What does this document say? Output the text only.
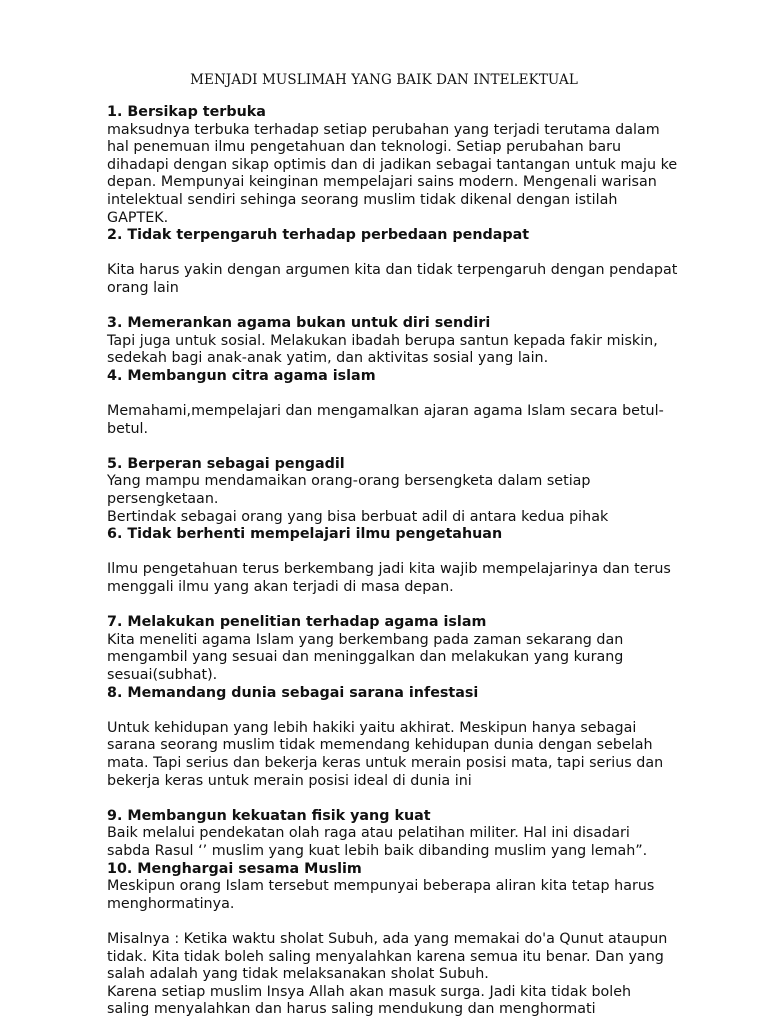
MENJADI MUSLIMAH YANG BAIK DAN INTELEKTUAL
1. Bersikap terbuka
maksudnya terbuka terhadap setiap perubahan yang terjadi terutama dalam
hal penemuan ilmu pengetahuan dan teknologi. Setiap perubahan baru
dihadapi dengan sikap optimis dan di jadikan sebagai tantangan untuk maju ke
depan. Mempunyai keinginan mempelajari sains modern. Mengenali warisan
intelektual sendiri sehinga seorang muslim tidak dikenal dengan istilah
GAPTEK.
2. Tidak terpengaruh terhadap perbedaan pendapat
Kita harus yakin dengan argumen kita dan tidak terpengaruh dengan pendapat
orang lain
3. Memerankan agama bukan untuk diri sendiri
Tapi juga untuk sosial. Melakukan ibadah berupa santun kepada fakir miskin,
sedekah bagi anak-anak yatim, dan aktivitas sosial yang lain.
4. Membangun citra agama islam
Memahami,mempelajari dan mengamalkan ajaran agama Islam secara betul-
betul.
5. Berperan sebagai pengadil
Yang mampu mendamaikan orang-orang bersengketa dalam setiap
persengketaan.
Bertindak sebagai orang yang bisa berbuat adil di antara kedua pihak
6. Tidak berhenti mempelajari ilmu pengetahuan
Ilmu pengetahuan terus berkembang jadi kita wajib mempelajarinya dan terus
menggali ilmu yang akan terjadi di masa depan.
7. Melakukan penelitian terhadap agama islam
Kita meneliti agama Islam yang berkembang pada zaman sekarang dan
mengambil yang sesuai dan meninggalkan dan melakukan yang kurang
sesuai(subhat).
8. Memandang dunia sebagai sarana infestasi
Untuk kehidupan yang lebih hakiki yaitu akhirat. Meskipun hanya sebagai
sarana seorang muslim tidak memendang kehidupan dunia dengan sebelah
mata. Tapi serius dan bekerja keras untuk merain posisi mata, tapi serius dan
bekerja keras untuk merain posisi ideal di dunia ini
9. Membangun kekuatan fisik yang kuat
Baik melalui pendekatan olah raga atau pelatihan militer. Hal ini disadari
sabda Rasul ‘’ muslim yang kuat lebih baik dibanding muslim yang lemah”.
10. Menghargai sesama Muslim
Meskipun orang Islam tersebut mempunyai beberapa aliran kita tetap harus
menghormatinya.
Misalnya : Ketika waktu sholat Subuh, ada yang memakai do'a Qunut ataupun
tidak. Kita tidak boleh saling menyalahkan karena semua itu benar. Dan yang
salah adalah yang tidak melaksanakan sholat Subuh.
Karena setiap muslim Insya Allah akan masuk surga. Jadi kita tidak boleh
saling menyalahkan dan harus saling mendukung dan menghormati
